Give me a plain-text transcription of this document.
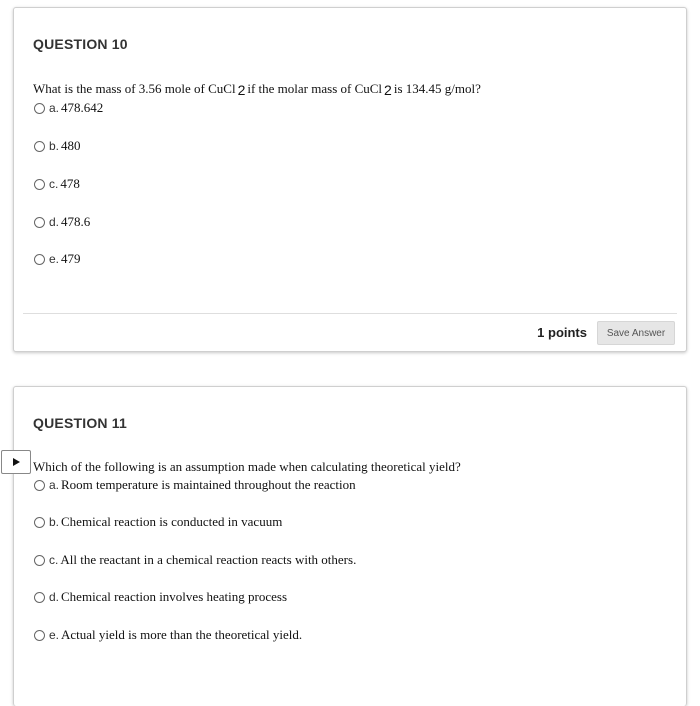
QUESTION 10
What is the mass of 3.56 mole of CuCl 2 if the molar mass of CuCl 2 is 134.45 g/mol?
a. 478.642
b. 480
c. 478
d. 478.6
e. 479
1 points	Save Answer
QUESTION 11
Which of the following is an assumption made when calculating theoretical yield?
a. Room temperature is maintained throughout the reaction
b. Chemical reaction is conducted in vacuum
c. All the reactant in a chemical reaction reacts with others.
d. Chemical reaction involves heating process
e. Actual yield is more than the theoretical yield.
